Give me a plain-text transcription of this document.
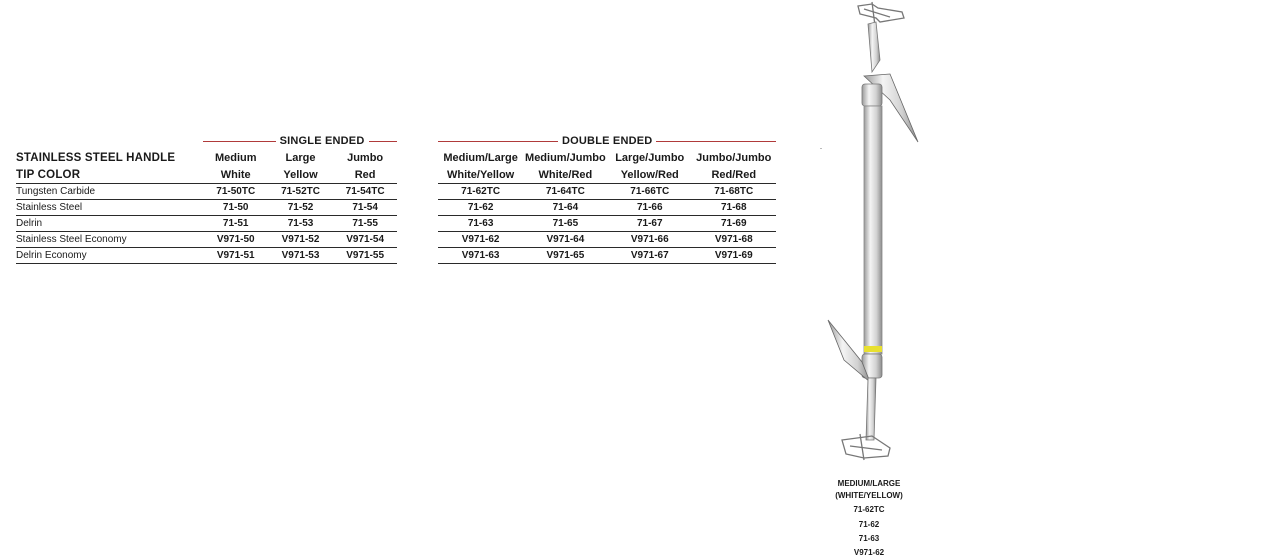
	SINGLE ENDED				DOUBLE ENDED			

STAINLESS STEEL HANDLE	Medium	Large	Jumbo		Medium/Large	Medium/Jumbo	Large/Jumbo	Jumbo/Jumbo
TIP COLOR	White	Yellow	Red		White/Yellow	White/Red	Yellow/Red	Red/Red
Tungsten Carbide	71-50TC	71-52TC	71-54TC		71-62TC	71-64TC	71-66TC	71-68TC
Stainless Steel	71-50	71-52	71-54		71-62	71-64	71-66	71-68
Delrin	71-51	71-53	71-55		71-63	71-65	71-67	71-69
Stainless Steel Economy	V971-50	V971-52	V971-54		V971-62	V971-64	V971-66	V971-68
Delrin Economy	V971-51	V971-53	V971-55		V971-63	V971-65	V971-67	V971-69
MEDIUM/LARGE
(WHITE/YELLOW)
71-62TC
71-62
71-63
V971-62
